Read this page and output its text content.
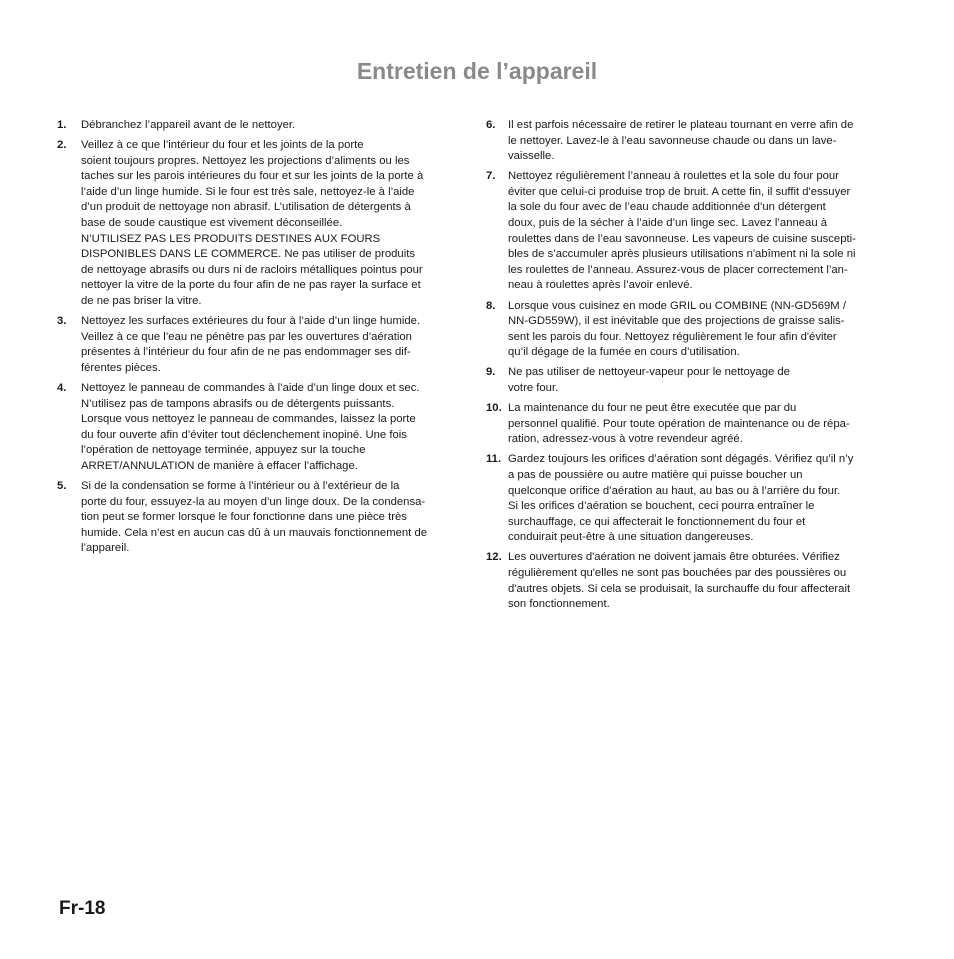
Entretien de l’appareil
1.	Débranchez l’appareil avant de le nettoyer.
2.	Veillez à ce que l’intérieur du four et les joints de la porte
soient toujours propres. Nettoyez les projections d’aliments ou les
taches sur les parois intérieures du four et sur les joints de la porte à
l’aide d’un linge humide. Si le four est très sale, nettoyez-le à l’aide
d’un produit de nettoyage non abrasif. L’utilisation de détergents à
base de soude caustique est vivement déconseillée.
N’UTILISEZ PAS LES PRODUITS DESTINES AUX FOURS
DISPONIBLES DANS LE COMMERCE. Ne pas utiliser de produits
de nettoyage abrasifs ou durs ni de racloirs métalliques pointus pour
nettoyer la vitre de la porte du four afin de ne pas rayer la surface et
de ne pas briser la vitre.
3.	Nettoyez les surfaces extérieures du four à l’aide d’un linge humide.
Veillez à ce que l’eau ne pénètre pas par les ouvertures d’aération
présentes à l’intérieur du four afin de ne pas endommager ses dif-
férentes pièces.
4.	Nettoyez le panneau de commandes à l’aide d’un linge doux et sec.
N’utilisez pas de tampons abrasifs ou de détergents puissants.
Lorsque vous nettoyez le panneau de commandes, laissez la porte
du four ouverte afin d’éviter tout déclenchement inopiné. Une fois
l’opération de nettoyage terminée, appuyez sur la touche
ARRET/ANNULATION de manière à effacer l’affichage.
5.	Si de la condensation se forme à l’intérieur ou à l’extérieur de la
porte du four, essuyez-la au moyen d’un linge doux. De la condensa-
tion peut se former lorsque le four fonctionne dans une pièce très
humide. Cela n’est en aucun cas dû à un mauvais fonctionnement de
l’appareil.
6.	Il est parfois nécessaire de retirer le plateau tournant en verre afin de
le nettoyer. Lavez-le à l’eau savonneuse chaude ou dans un lave-
vaisselle.
7.	Nettoyez régulièrement l’anneau à roulettes et la sole du four pour
éviter que celui-ci produise trop de bruit. A cette fin, il suffit d'essuyer
la sole du four avec de l’eau chaude additionnée d’un détergent
doux, puis de la sécher à l’aide d’un linge sec. Lavez l’anneau à
roulettes dans de l’eau savonneuse. Les vapeurs de cuisine suscepti-
bles de s’accumuler après plusieurs utilisations n'abîment ni la sole ni
les roulettes de l’anneau. Assurez-vous de placer correctement l’an-
neau à roulettes après l’avoir enlevé.
8.	Lorsque vous cuisinez en mode GRIL ou COMBINE (NN-GD569M /
NN-GD559W), il est inévitable que des projections de graisse salis-
sent les parois du four. Nettoyez régulièrement le four afin d'éviter
qu’il dégage de la fumée en cours d’utilisation.
9.	Ne pas utiliser de nettoyeur-vapeur pour le nettoyage de
votre four.
10. La maintenance du four ne peut être executée que par du
personnel qualifié. Pour toute opération de maintenance ou de répa-
ration, adressez-vous à votre revendeur agréé.
11. Gardez toujours les orifices d’aération sont dégagés. Vérifiez qu’il n’y
a pas de poussière ou autre matière qui puisse boucher un
quelconque orifice d’aération au haut, au bas ou à l’arrière du four.
Si les orifices d’aération se bouchent, ceci pourra entraîner le
surchauffage, ce qui affecterait le fonctionnement du four et
conduirait peut-être à une situation dangereuses.
12. Les ouvertures d'aération ne doivent jamais être obturées. Vérifiez
régulièrement qu'elles ne sont pas bouchées par des poussières ou
d'autres objets. Si cela se produisait, la surchauffe du four affecterait
son fonctionnement.
Fr-18
